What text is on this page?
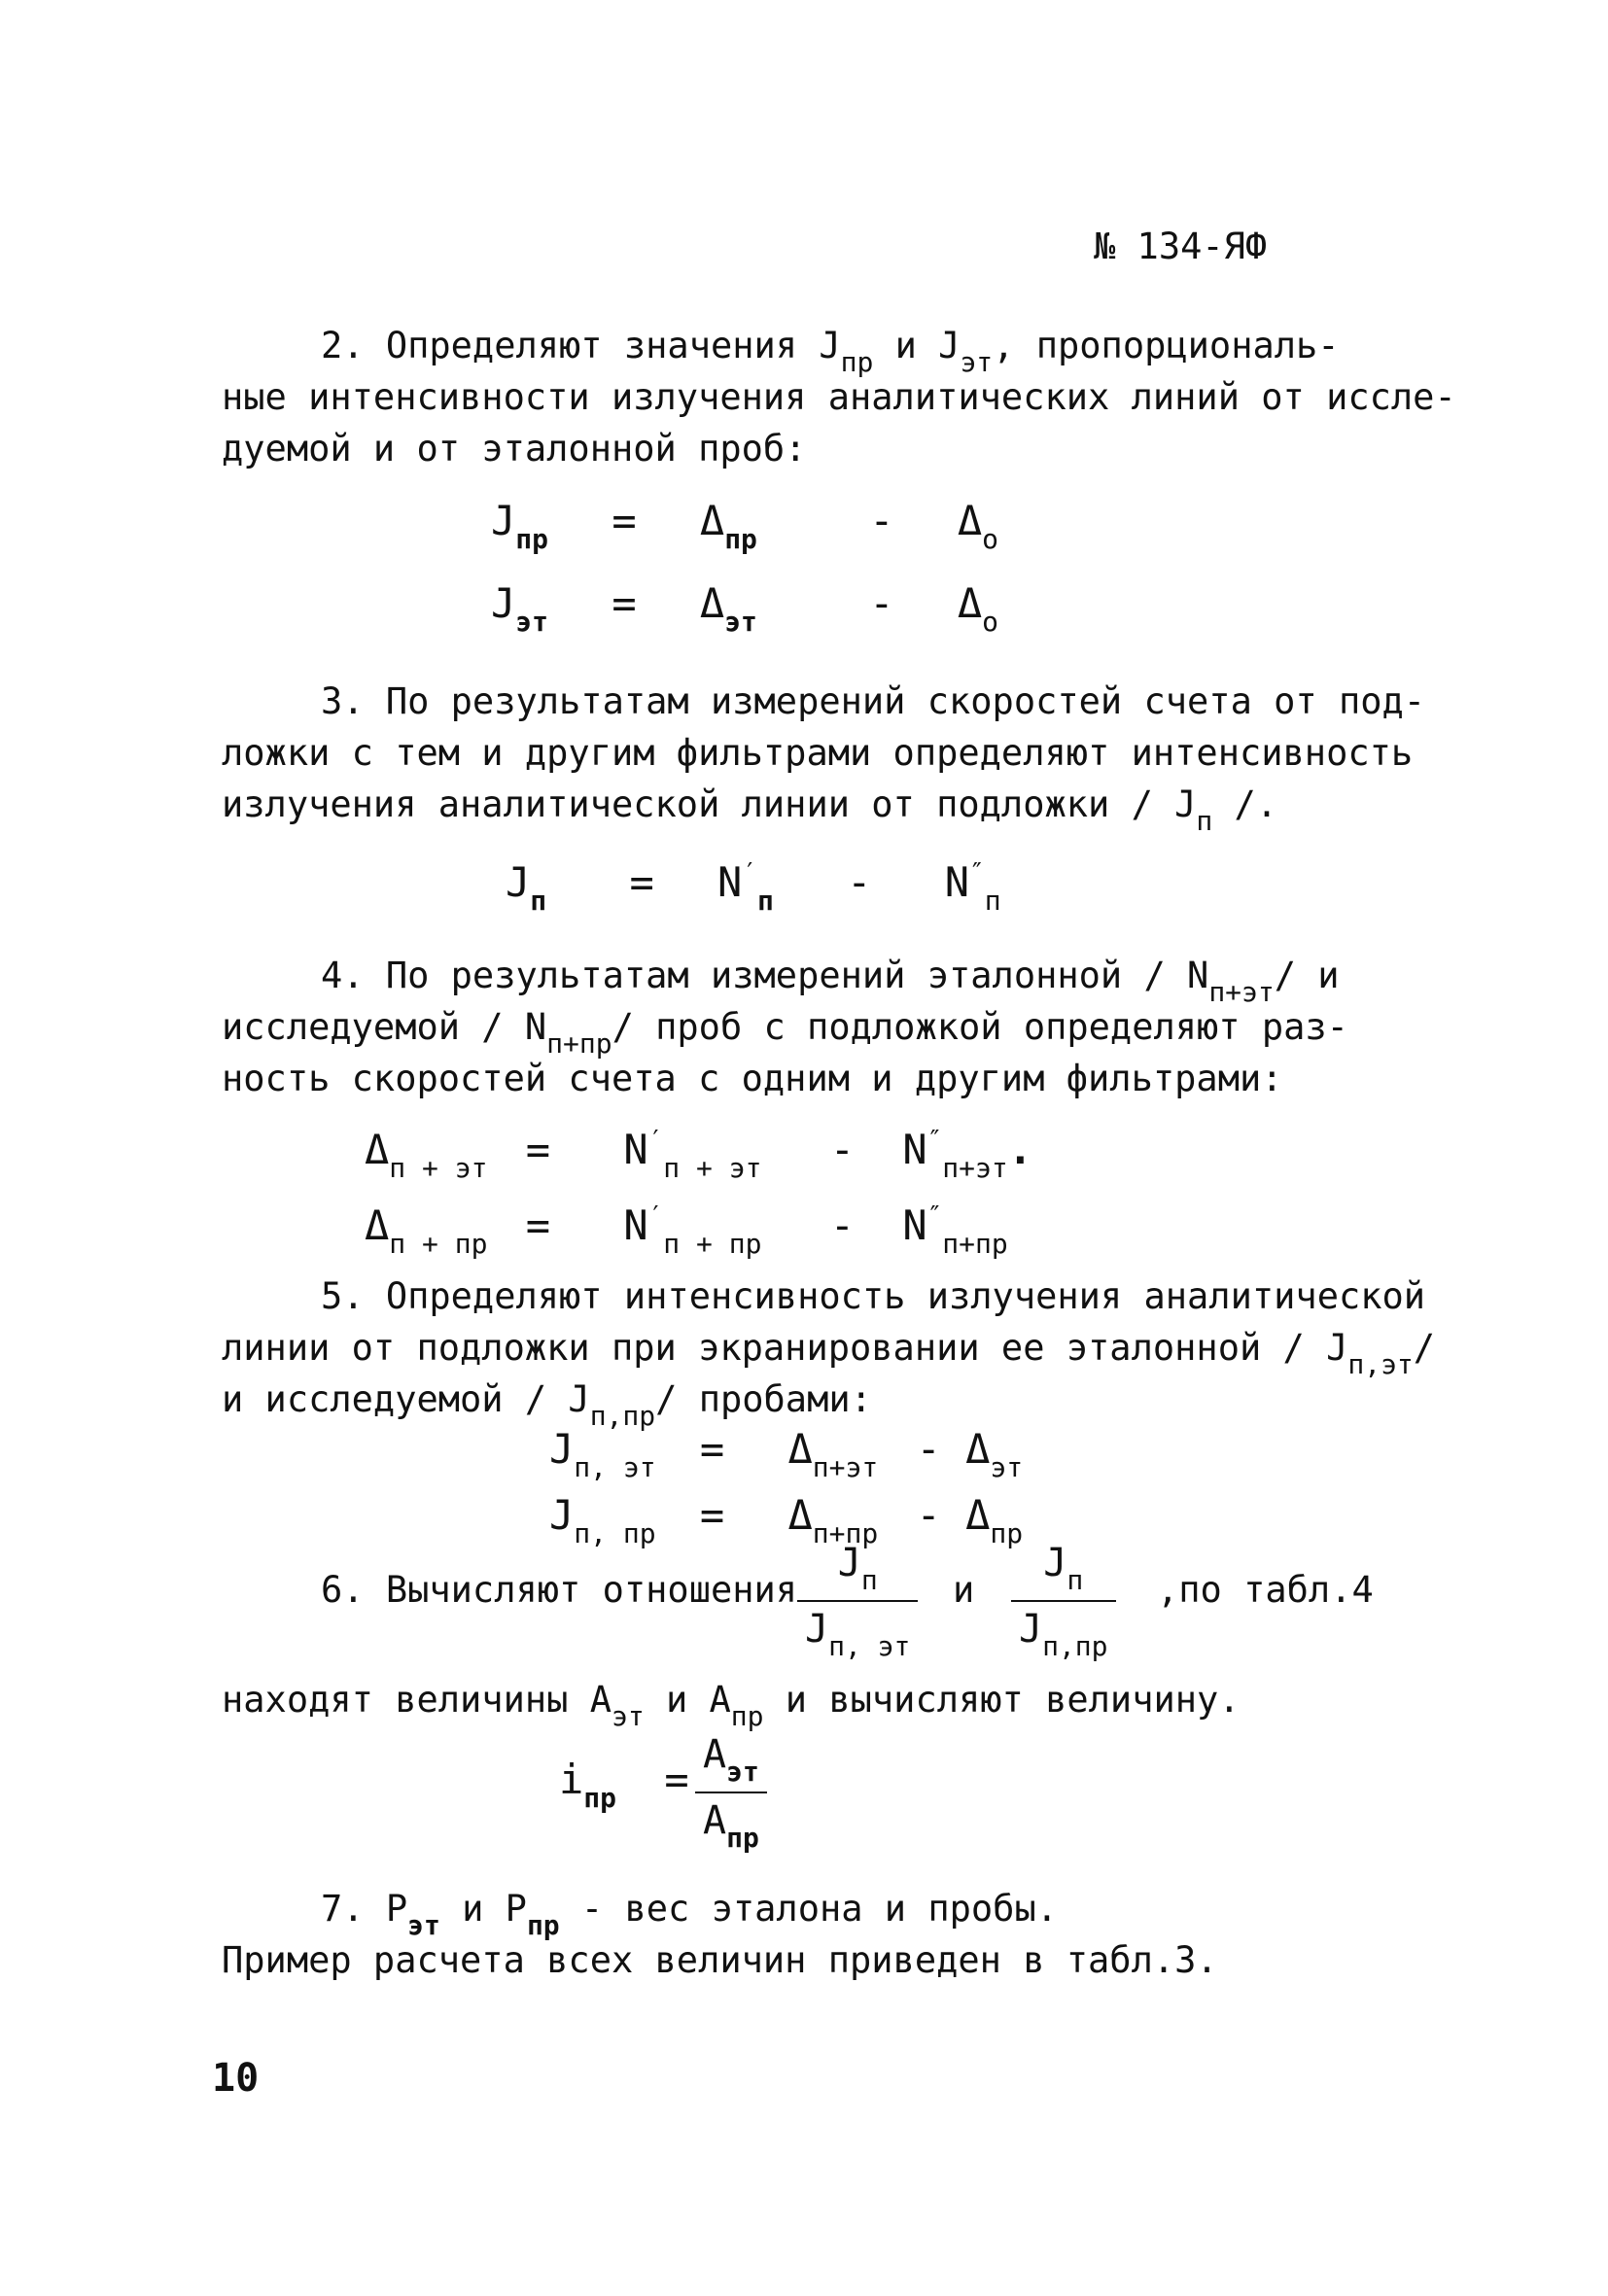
№ 134-ЯФ
2. Определяют значения $Ј_{пр}$ и $Ј_{эт}$, пропорциональ-
ные интенсивности излучения аналитических линий от иссле-
дуемой и от эталонной проб:
$Ј_{пр} = \Delta_{пр}$	- $\Delta_о$
$Ј_{эт} = \Delta_{эт}$	- $\Delta_о$
3. По результатам измерений скоростей счета от под-
ложки с тем и другим фильтрами определяют интенсивность
излучения аналитической линии от подложки / $Ј_п$ /.
$Ј_п = N'_п - N''_п$
4. По результатам измерений эталонной / $N_{п+эт}/$ и
исследуемой / $N_{п+пр}/$ проб с подложкой определяют раз-
ность скоростей счета с одним и другим фильтрами:
$\Delta_{п + эт} = N'_{п + эт} - N''_{п+эт}$.
$\Delta_{п + пр} = N'_{п + пр} - N''_{п+пр}$
5. Определяют интенсивность излучения аналитической
линии от подложки при экранировании ее эталонной / $Ј_{п,эт}/$
и исследуемой / $Ј_{п,пр}/$ пробами:
$Ј_{п, эт} = \Delta_{п+эт} - \Delta_{эт}$
$Ј_{п, пр} = \Delta_{п+пр} - \Delta_{пр}$
6. Вычисляют отношения
$Ј_п$
$Ј_{п, эт}$
и
$Ј_п$
$Ј_{п,пр}$
,по табл.4
находят величины $A_{эт}$ и $A_{пр}$ и вычисляют величину.
$i_{пр}$ =
$A_{эт}$
$A_{пр}$
7. $P_{эт}$ и $P_{пр}$ - вес эталона и пробы.
Пример расчета всех величин приведен в табл.3.
10
